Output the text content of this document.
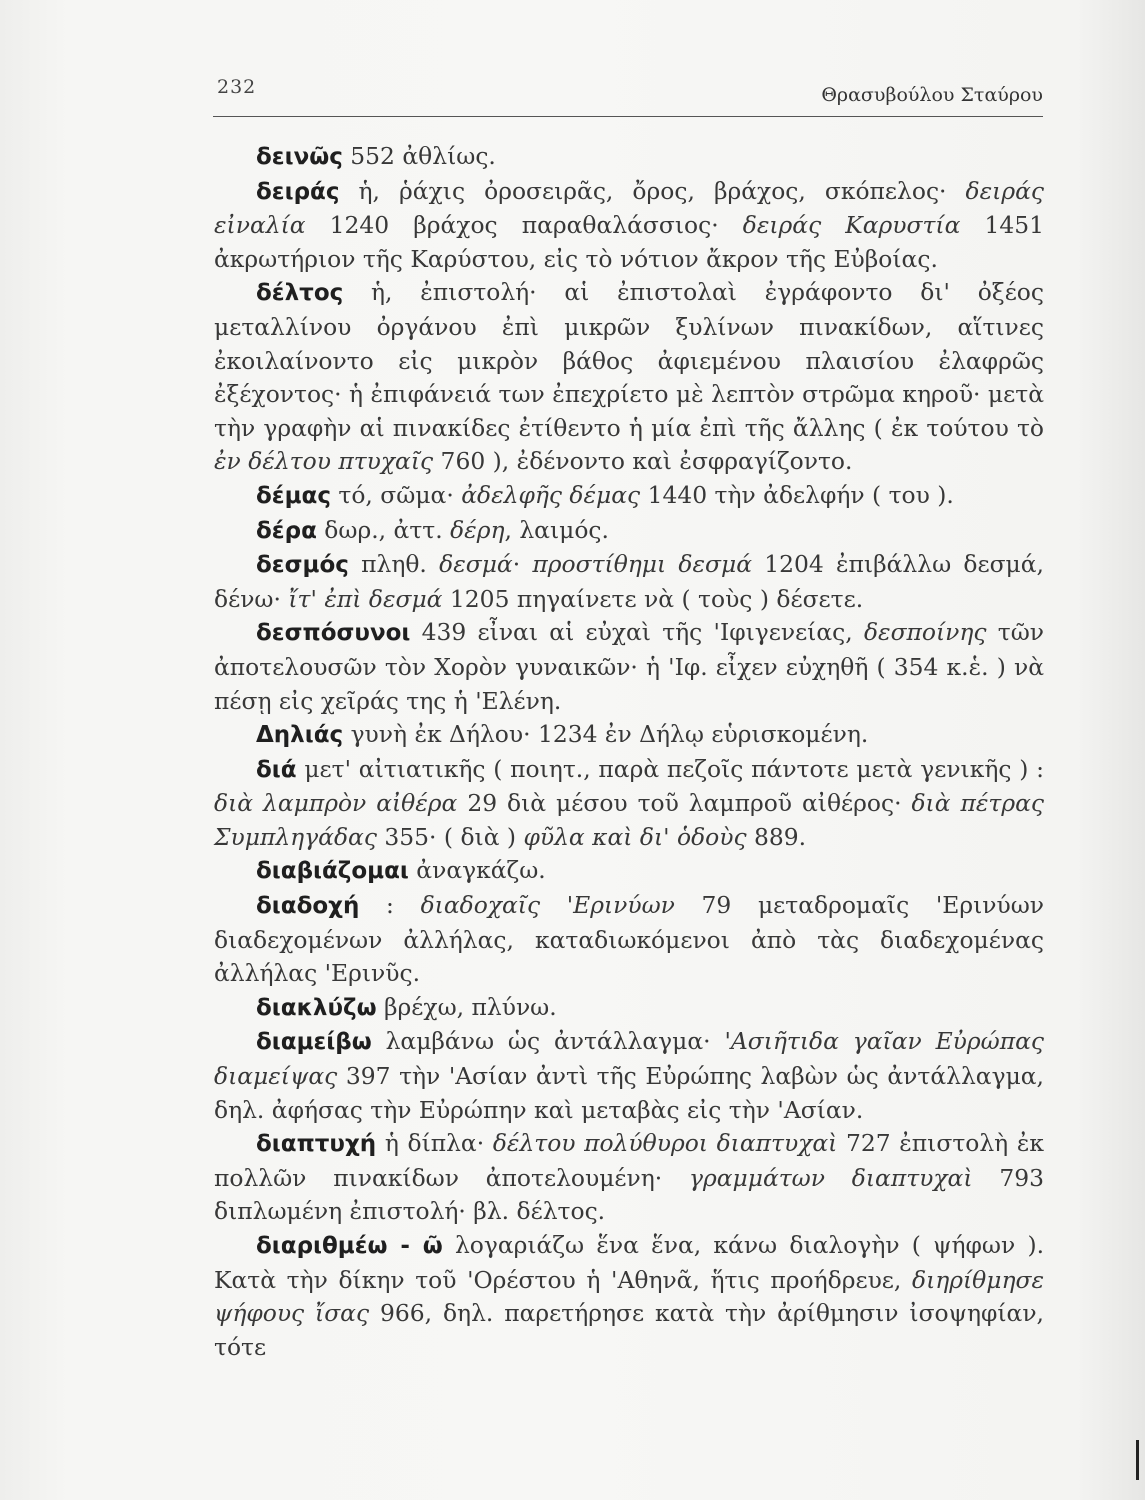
232	Θρασυβούλου Σταύρου

δεινῶς 552 ἀθλίως.

δειράς ἡ, ῥάχις ὀροσειρᾶς, ὄρος, βράχος, σκόπελος· δειράς εἰναλία 1240 βράχος παραθαλάσσιος· δειράς Καρυστία 1451 ἀκρωτήριον τῆς Καρύστου, εἰς τὸ νότιον ἄκρον τῆς Εὐβοίας.

δέλτος ἡ, ἐπιστολή· αἱ ἐπιστολαὶ ἐγράφοντο δι' ὀξέος μεταλλίνου ὀργάνου ἐπὶ μικρῶν ξυλίνων πινακίδων, αἵτινες ἐκοιλαίνοντο εἰς μικρὸν βάθος ἀφιεμένου πλαισίου ἐλαφρῶς ἐξέχοντος· ἡ ἐπιφάνειά των ἐπεχρίετο μὲ λεπτὸν στρῶμα κηροῦ· μετὰ τὴν γραφὴν αἱ πινακίδες ἐτίθεντο ἡ μία ἐπὶ τῆς ἄλλης ( ἐκ τούτου τὸ ἐν δέλτου πτυχαῖς 760 ), ἐδένοντο καὶ ἐσφραγίζοντο.

δέμας τό, σῶμα· ἀδελφῆς δέμας 1440 τὴν ἀδελφήν ( του ).

δέρα δωρ., ἀττ. δέρη, λαιμός.

δεσμός πληθ. δεσμά· προστίθημι δεσμά 1204 ἐπιβάλλω δεσμά, δένω· ἴτ' ἐπὶ δεσμά 1205 πηγαίνετε νὰ ( τοὺς ) δέσετε.

δεσπόσυνοι 439 εἶναι αἱ εὐχαὶ τῆς 'Ιφιγενείας, δεσποίνης τῶν ἀποτελουσῶν τὸν Χορὸν γυναικῶν· ἡ 'Ιφ. εἶχεν εὐχηθῆ ( 354 κ.ἑ. ) νὰ πέσῃ εἰς χεῖράς της ἡ 'Ελένη.

Δηλιάς γυνὴ ἐκ Δήλου· 1234 ἐν Δήλῳ εὑρισκομένη.

διά μετ' αἰτιατικῆς ( ποιητ., παρὰ πεζοῖς πάντοτε μετὰ γενικῆς ) : διὰ λαμπρὸν αἰθέρα 29 διὰ μέσου τοῦ λαμπροῦ αἰθέρος· διὰ πέτρας Συμπληγάδας 355· ( διὰ ) φῦλα καὶ δι' ὁδοὺς 889.

διαβιάζομαι ἀναγκάζω.

διαδοχή : διαδοχαῖς 'Ερινύων 79 μεταδρομαῖς 'Ερινύων διαδεχομένων ἀλλήλας, καταδιωκόμενοι ἀπὸ τὰς διαδεχομένας ἀλλήλας 'Ερινῦς.

διακλύζω βρέχω, πλύνω.

διαμείβω λαμβάνω ὡς ἀντάλλαγμα· 'Ασιῆτιδα γαῖαν Εὐρώπας διαμείψας 397 τὴν 'Ασίαν ἀντὶ τῆς Εὐρώπης λαβὼν ὡς ἀντάλλαγμα, δηλ. ἀφήσας τὴν Εὐρώπην καὶ μεταβὰς εἰς τὴν 'Ασίαν.

διαπτυχή ἡ δίπλα· δέλτου πολύθυροι διαπτυχαὶ 727 ἐπιστολὴ ἐκ πολλῶν πινακίδων ἀποτελουμένη· γραμμάτων διαπτυχαὶ 793 διπλωμένη ἐπιστολή· βλ. δέλτος.

διαριθμέω - ῶ λογαριάζω ἕνα ἕνα, κάνω διαλογὴν ( ψήφων ). Κατὰ τὴν δίκην τοῦ 'Ορέστου ἡ 'Αθηνᾶ, ἥτις προήδρευε, διηρίθμησε ψήφους ἴσας 966, δηλ. παρετήρησε κατὰ τὴν ἀρίθμησιν ἰσοψηφίαν, τότε
